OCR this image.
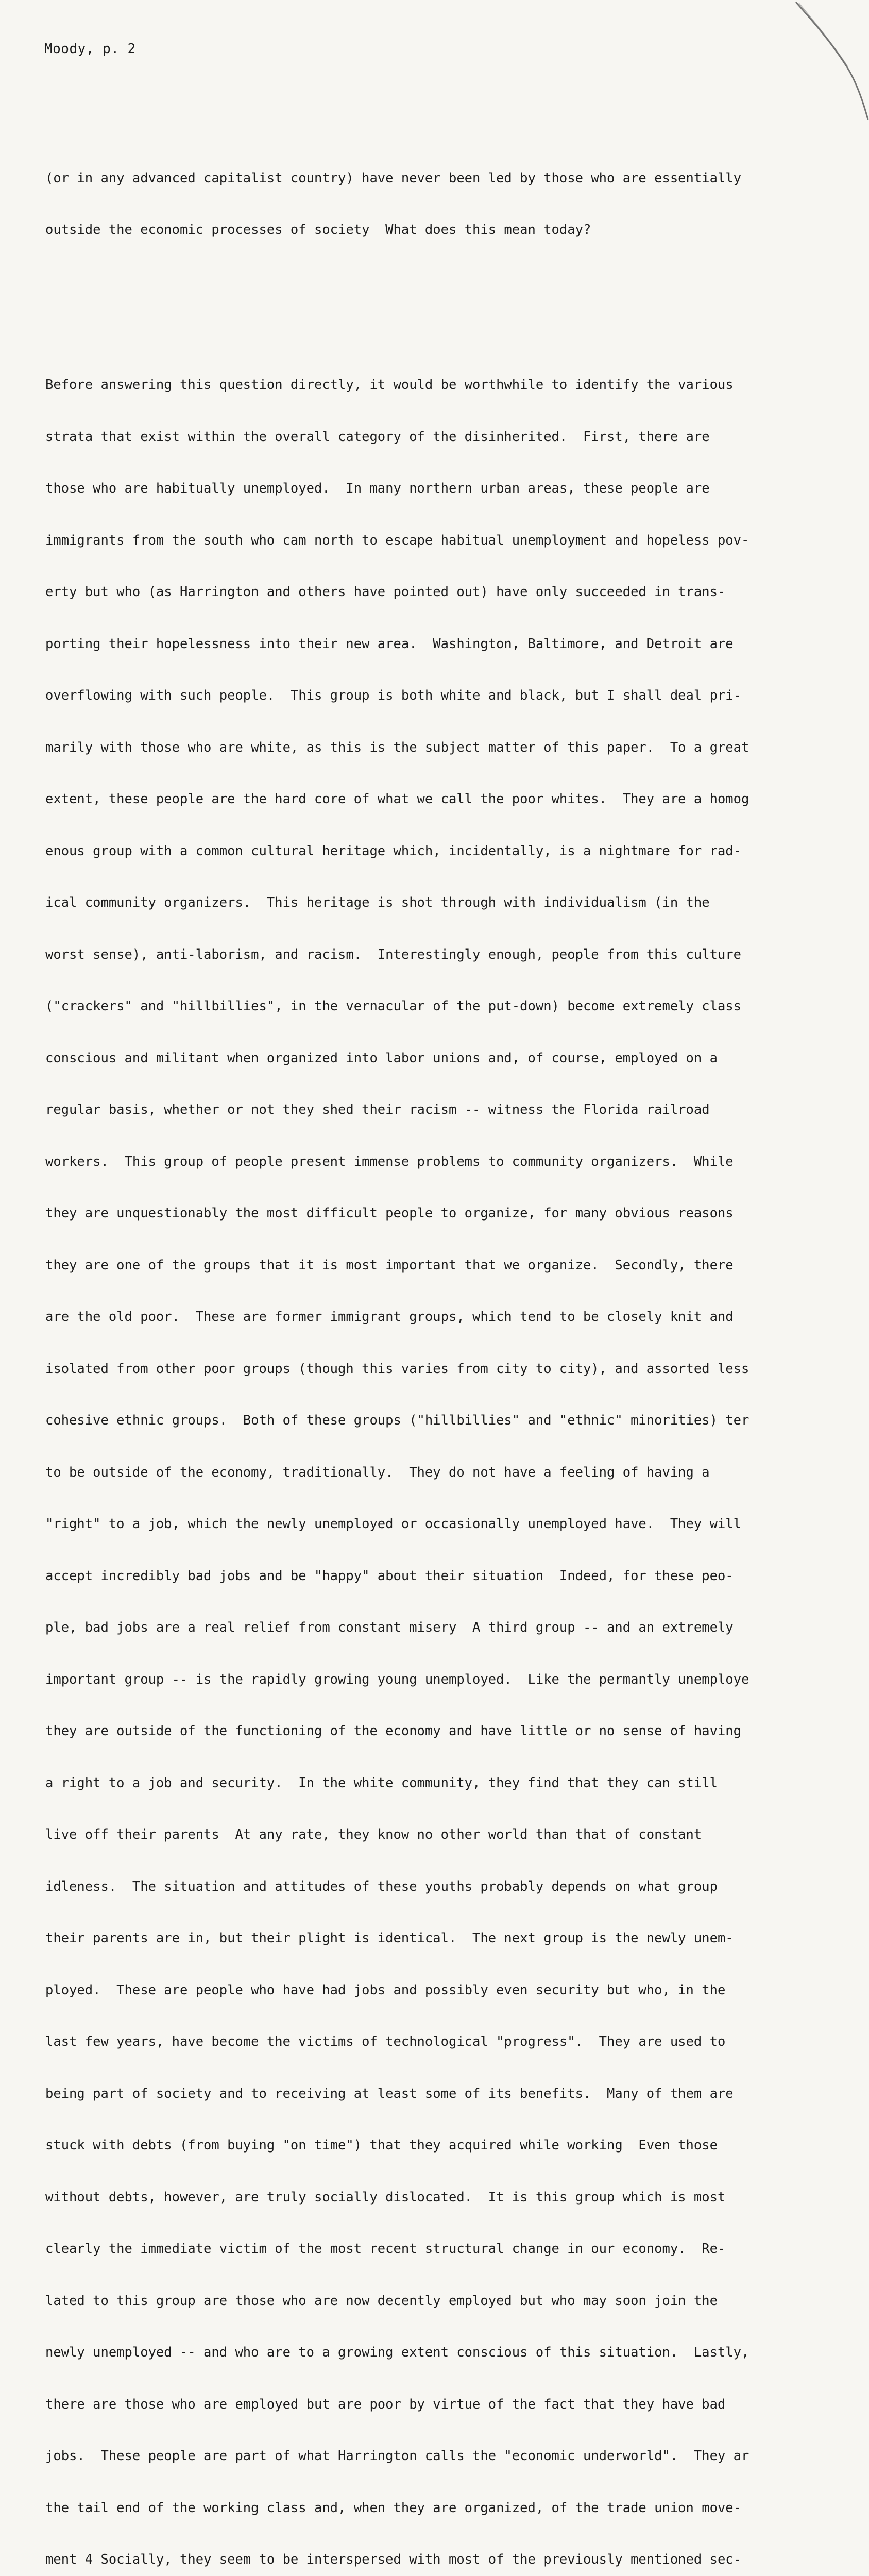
Moody, p. 2

(or in any advanced capitalist country) have never been led by those who are essentially

outside the economic processes of society  What does this mean today?

Before answering this question directly, it would be worthwhile to identify the various

strata that exist within the overall category of the disinherited.  First, there are

those who are habitually unemployed.  In many northern urban areas, these people are

immigrants from the south who cam north to escape habitual unemployment and hopeless pov-

erty but who (as Harrington and others have pointed out) have only succeeded in trans-

porting their hopelessness into their new area.  Washington, Baltimore, and Detroit are

overflowing with such people.  This group is both white and black, but I shall deal pri-

marily with those who are white, as this is the subject matter of this paper.  To a great

extent, these people are the hard core of what we call the poor whites.  They are a homog

enous group with a common cultural heritage which, incidentally, is a nightmare for rad-

ical community organizers.  This heritage is shot through with individualism (in the

worst sense), anti-laborism, and racism.  Interestingly enough, people from this culture

("crackers" and "hillbillies", in the vernacular of the put-down) become extremely class

conscious and militant when organized into labor unions and, of course, employed on a

regular basis, whether or not they shed their racism -- witness the Florida railroad

workers.  This group of people present immense problems to community organizers.  While

they are unquestionably the most difficult people to organize, for many obvious reasons

they are one of the groups that it is most important that we organize.  Secondly, there

are the old poor.  These are former immigrant groups, which tend to be closely knit and

isolated from other poor groups (though this varies from city to city), and assorted less

cohesive ethnic groups.  Both of these groups ("hillbillies" and "ethnic" minorities) ter

to be outside of the economy, traditionally.  They do not have a feeling of having a

"right" to a job, which the newly unemployed or occasionally unemployed have.  They will

accept incredibly bad jobs and be "happy" about their situation  Indeed, for these peo-

ple, bad jobs are a real relief from constant misery  A third group -- and an extremely

important group -- is the rapidly growing young unemployed.  Like the permantly unemploye

they are outside of the functioning of the economy and have little or no sense of having

a right to a job and security.  In the white community, they find that they can still

live off their parents  At any rate, they know no other world than that of constant

idleness.  The situation and attitudes of these youths probably depends on what group

their parents are in, but their plight is identical.  The next group is the newly unem-

ployed.  These are people who have had jobs and possibly even security but who, in the

last few years, have become the victims of technological "progress".  They are used to

being part of society and to receiving at least some of its benefits.  Many of them are

stuck with debts (from buying "on time") that they acquired while working  Even those

without debts, however, are truly socially dislocated.  It is this group which is most

clearly the immediate victim of the most recent structural change in our economy.  Re-

lated to this group are those who are now decently employed but who may soon join the

newly unemployed -- and who are to a growing extent conscious of this situation.  Lastly,

there are those who are employed but are poor by virtue of the fact that they have bad

jobs.  These people are part of what Harrington calls the "economic underworld".  They ar

the tail end of the working class and, when they are organized, of the trade union move-

ment 4 Socially, they seem to be interspersed with most of the previously mentioned sec-
